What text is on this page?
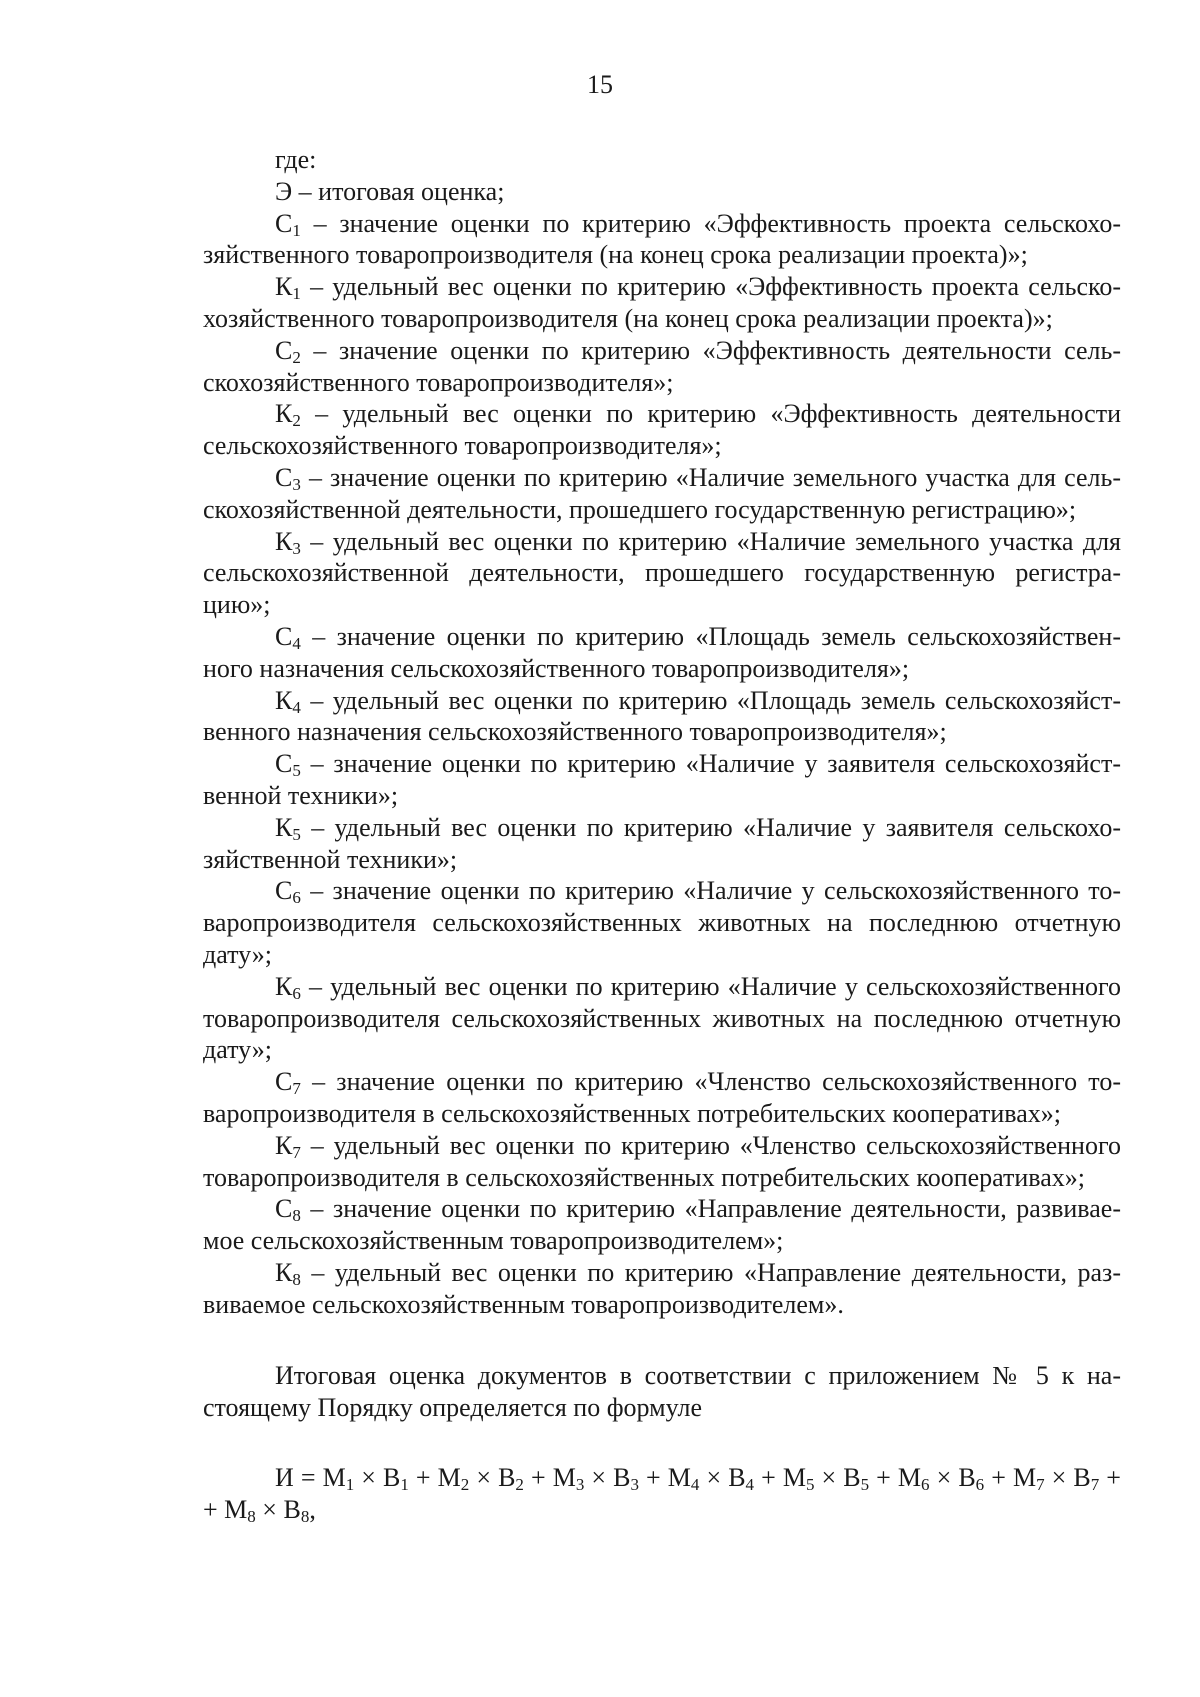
15

где:

Э – итоговая оценка;

$С_1$ – значение оценки по критерию «Эффективность проекта сельскохозяйственного товаропроизводителя (на конец срока реализации проекта)»;

$К_1$ – удельный вес оценки по критерию «Эффективность проекта сельскохозяйственного товаропроизводителя (на конец срока реализации проекта)»;

$С_2$ – значение оценки по критерию «Эффективность деятельности сельскохозяйственного товаропроизводителя»;

$К_2$ – удельный вес оценки по критерию «Эффективность деятельности сельскохозяйственного товаропроизводителя»;

$С_3$ – значение оценки по критерию «Наличие земельного участка для сельскохозяйственной деятельности, прошедшего государственную регистрацию»;

$К_3$ – удельный вес оценки по критерию «Наличие земельного участка для сельскохозяйственной деятельности, прошедшего государственную регистрацию»;

$С_4$ – значение оценки по критерию «Площадь земель сельскохозяйственного назначения сельскохозяйственного товаропроизводителя»;

$К_4$ – удельный вес оценки по критерию «Площадь земель сельскохозяйственного назначения сельскохозяйственного товаропроизводителя»;

$С_5$ – значение оценки по критерию «Наличие у заявителя сельскохозяйственной техники»;

$К_5$ – удельный вес оценки по критерию «Наличие у заявителя сельскохозяйственной техники»;

$С_6$ – значение оценки по критерию «Наличие у сельскохозяйственного товаропроизводителя сельскохозяйственных животных на последнюю отчетную дату»;

$К_6$ – удельный вес оценки по критерию «Наличие у сельскохозяйственного товаропроизводителя сельскохозяйственных животных на последнюю отчетную дату»;

$С_7$ – значение оценки по критерию «Членство сельскохозяйственного товаропроизводителя в сельскохозяйственных потребительских кооперативах»;

$К_7$ – удельный вес оценки по критерию «Членство сельскохозяйственного товаропроизводителя в сельскохозяйственных потребительских кооперативах»;

$С_8$ – значение оценки по критерию «Направление деятельности, развиваемое сельскохозяйственным товаропроизводителем»;

$К_8$ – удельный вес оценки по критерию «Направление деятельности, развиваемое сельскохозяйственным товаропроизводителем».

Итоговая оценка документов в соответствии с приложением № 5 к настоящему Порядку определяется по формуле

$И = М_1 \times В_1 + М_2 \times В_2 + М_3 \times В_3 + М_4 \times В_4 + М_5 \times В_5 + М_6 \times В_6 + М_7 \times В_7$ + + $М_8 \times В_8$,
